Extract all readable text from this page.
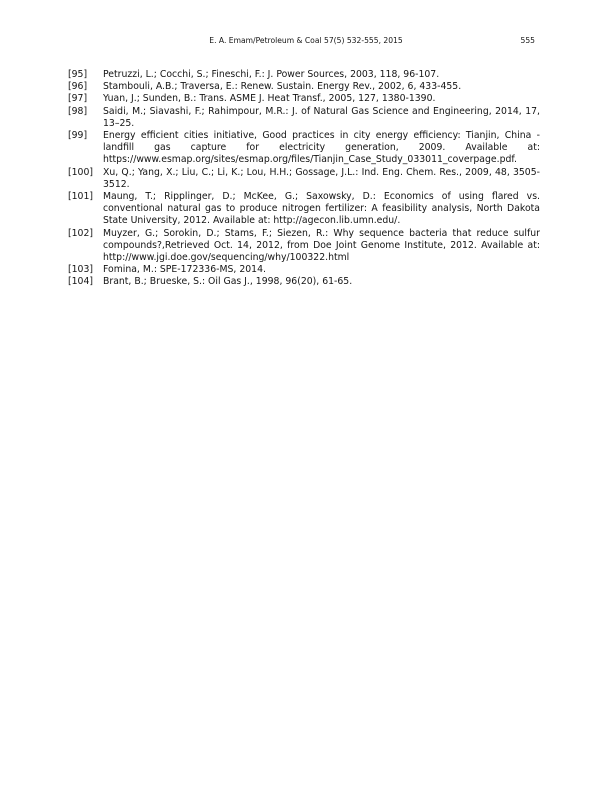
E. A. Emam/Petroleum & Coal 57(5) 532-555, 2015	555
[95]	Petruzzi, L.; Cocchi, S.; Fineschi, F.: J. Power Sources, 2003, 118, 96-107.
[96]	Stambouli, A.B.; Traversa, E.: Renew. Sustain. Energy Rev., 2002, 6, 433-455.
[97]	Yuan, J.; Sunden, B.: Trans. ASME J. Heat Transf., 2005, 127, 1380-1390.
[98]	Saidi, M.; Siavashi, F.; Rahimpour, M.R.: J. of Natural Gas Science and Engineering, 2014, 17, 13–25.
[99]	Energy efficient cities initiative, Good practices in city energy efficiency: Tianjin, China - landfill gas capture for electricity generation, 2009. Available at: https://www.esmap.org/sites/esmap.org/files/Tianjin_Case_Study_033011_coverpage.pdf.
[100]	Xu, Q.; Yang, X.; Liu, C.; Li, K.; Lou, H.H.; Gossage, J.L.: Ind. Eng. Chem. Res., 2009, 48, 3505-3512.
[101]	Maung, T.; Ripplinger, D.; McKee, G.; Saxowsky, D.: Economics of using flared vs. conventional natural gas to produce nitrogen fertilizer: A feasibility analysis, North Dakota State University, 2012. Available at: http://agecon.lib.umn.edu/.
[102]	Muyzer, G.; Sorokin, D.; Stams, F.; Siezen, R.: Why sequence bacteria that reduce sulfur compounds?,Retrieved Oct. 14, 2012, from Doe Joint Genome Institute, 2012. Available at: http://www.jgi.doe.gov/sequencing/why/100322.html
[103]	Fomina, M.: SPE-172336-MS, 2014.
[104]	Brant, B.; Brueske, S.: Oil Gas J., 1998, 96(20), 61-65.
